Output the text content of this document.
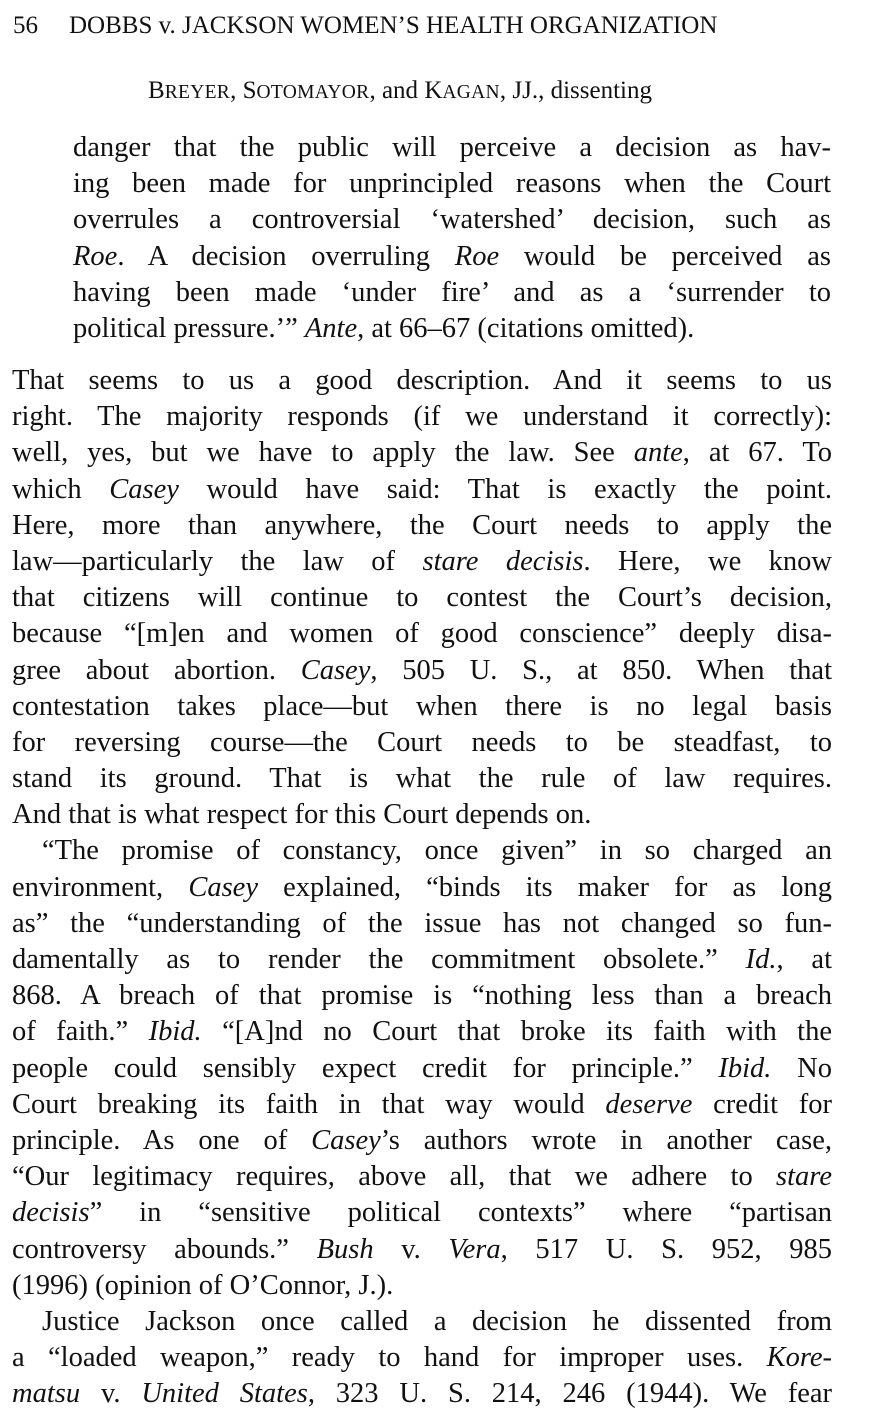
56 DOBBS v. JACKSON WOMEN’S HEALTH ORGANIZATION
BREYER, SOTOMAYOR, and KAGAN, JJ., dissenting
danger that the public will perceive a decision as hav-
ing been made for unprincipled reasons when the Court
overrules a controversial ‘watershed’ decision, such as
Roe. A decision overruling Roe would be perceived as
having been made ‘under fire’ and as a ‘surrender to
political pressure.’” Ante, at 66–67 (citations omitted).
That seems to us a good description. And it seems to us
right. The majority responds (if we understand it correctly):
well, yes, but we have to apply the law. See ante, at 67. To
which Casey would have said: That is exactly the point.
Here, more than anywhere, the Court needs to apply the
law—particularly the law of stare decisis. Here, we know
that citizens will continue to contest the Court’s decision,
because “[m]en and women of good conscience” deeply disa-
gree about abortion. Casey, 505 U. S., at 850. When that
contestation takes place—but when there is no legal basis
for reversing course—the Court needs to be steadfast, to
stand its ground. That is what the rule of law requires.
And that is what respect for this Court depends on.
“The promise of constancy, once given” in so charged an
environment, Casey explained, “binds its maker for as long
as” the “understanding of the issue has not changed so fun-
damentally as to render the commitment obsolete.” Id., at
868. A breach of that promise is “nothing less than a breach
of faith.” Ibid. “[A]nd no Court that broke its faith with the
people could sensibly expect credit for principle.” Ibid. No
Court breaking its faith in that way would deserve credit for
principle. As one of Casey’s authors wrote in another case,
“Our legitimacy requires, above all, that we adhere to stare
decisis” in “sensitive political contexts” where “partisan
controversy abounds.” Bush v. Vera, 517 U. S. 952, 985
(1996) (opinion of O’Connor, J.).
Justice Jackson once called a decision he dissented from
a “loaded weapon,” ready to hand for improper uses. Kore-
matsu v. United States, 323 U. S. 214, 246 (1944). We fear
